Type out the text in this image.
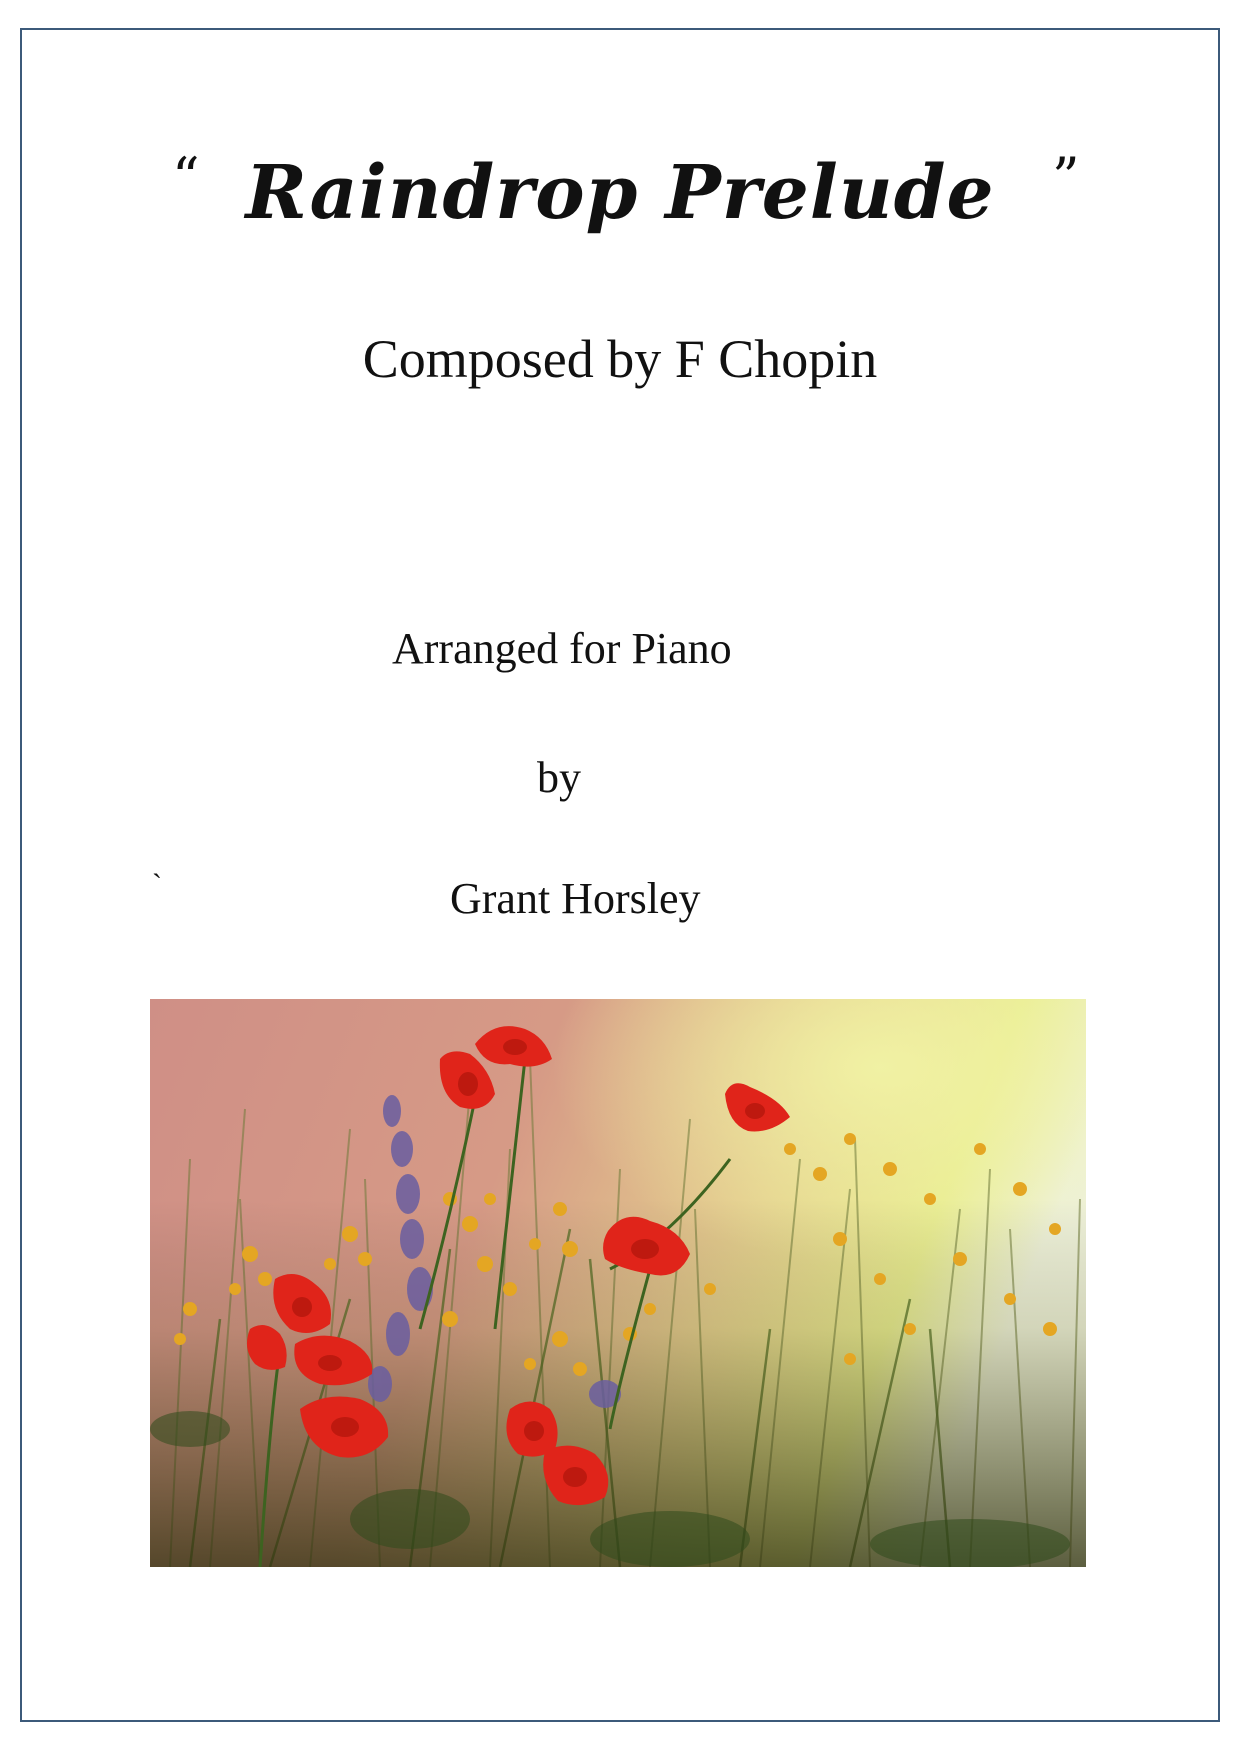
“ Raindrop Prelude	”
Composed by F Chopin
Arranged for Piano
by
`	Grant Horsley
